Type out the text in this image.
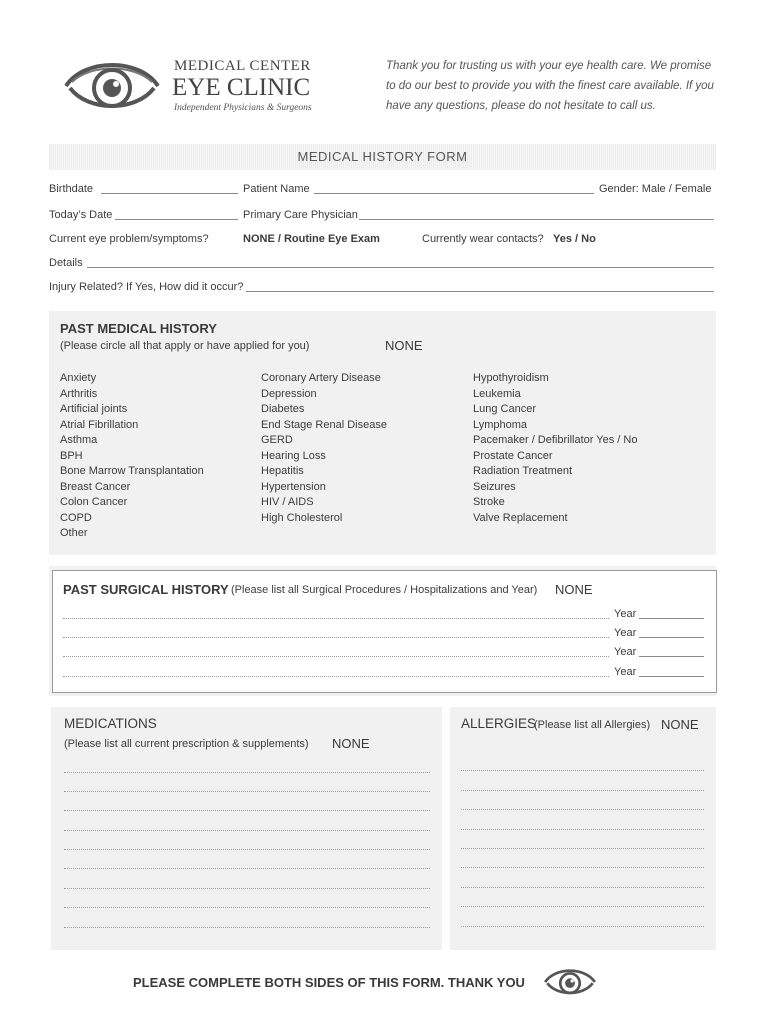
MEDICAL CENTER
EYE CLINIC
Independent Physicians & Surgeons
Thank you for trusting us with your eye health care. We promise
to do our best to provide you with the finest care available. If you
have any questions, please do not hesitate to call us.
MEDICAL HISTORY FORM
Birthdate	Patient Name	Gender: Male / Female
Today’s Date	Primary Care Physician
Current eye problem/symptoms?	NONE / Routine Eye Exam	Currently wear contacts? Yes / No
Details
Injury Related? If Yes, How did it occur?
PAST MEDICAL HISTORY
(Please circle all that apply or have applied for you)	NONE
Anxiety
Arthritis
Artificial joints
Atrial Fibrillation
Asthma
BPH
Bone Marrow Transplantation
Breast Cancer
Colon Cancer
COPD
Other
Coronary Artery Disease
Depression
Diabetes
End Stage Renal Disease
GERD
Hearing Loss
Hepatitis
Hypertension
HIV / AIDS
High Cholesterol
Hypothyroidism
Leukemia
Lung Cancer
Lymphoma
Pacemaker / Defibrillator Yes / No
Prostate Cancer
Radiation Treatment
Seizures
Stroke
Valve Replacement
PAST SURGICAL HISTORY (Please list all Surgical Procedures / Hospitalizations and Year) NONE
Year
Year
Year
Year
MEDICATIONS
(Please list all current prescription & supplements) NONE
ALLERGIES
(Please list all Allergies) NONE
PLEASE COMPLETE BOTH SIDES OF THIS FORM. THANK YOU
